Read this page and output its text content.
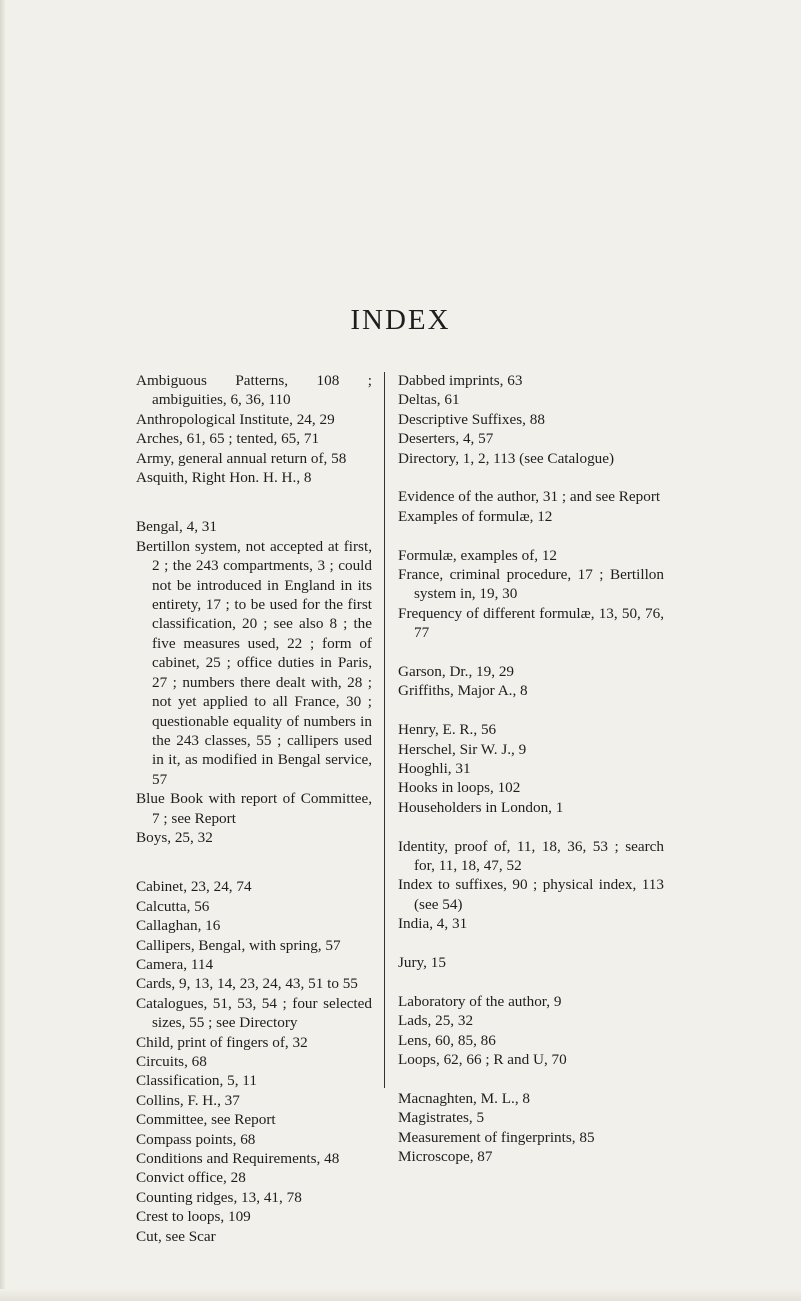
INDEX
Ambiguous Patterns, 108 ; ambiguities, 6, 36, 110
Anthropological Institute, 24, 29
Arches, 61, 65 ; tented, 65, 71
Army, general annual return of, 58
Asquith, Right Hon. H. H., 8
Bengal, 4, 31
Bertillon system, not accepted at first, 2 ; the 243 compartments, 3 ; could not be introduced in England in its entirety, 17 ; to be used for the first classification, 20 ; see also 8 ; the five measures used, 22 ; form of cabinet, 25 ; office duties in Paris, 27 ; numbers there dealt with, 28 ; not yet applied to all France, 30 ; questionable equality of numbers in the 243 classes, 55 ; callipers used in it, as modified in Bengal service, 57
Blue Book with report of Committee, 7 ; see Report
Boys, 25, 32
Cabinet, 23, 24, 74
Calcutta, 56
Callaghan, 16
Callipers, Bengal, with spring, 57
Camera, 114
Cards, 9, 13, 14, 23, 24, 43, 51 to 55
Catalogues, 51, 53, 54 ; four selected sizes, 55 ; see Directory
Child, print of fingers of, 32
Circuits, 68
Classification, 5, 11
Collins, F. H., 37
Committee, see Report
Compass points, 68
Conditions and Requirements, 48
Convict office, 28
Counting ridges, 13, 41, 78
Crest to loops, 109
Cut, see Scar
Dabbed imprints, 63
Deltas, 61
Descriptive Suffixes, 88
Deserters, 4, 57
Directory, 1, 2, 113 (see Catalogue)
Evidence of the author, 31 ; and see Report
Examples of formulæ, 12
Formulæ, examples of, 12
France, criminal procedure, 17 ; Bertillon system in, 19, 30
Frequency of different formulæ, 13, 50, 76, 77
Garson, Dr., 19, 29
Griffiths, Major A., 8
Henry, E. R., 56
Herschel, Sir W. J., 9
Hooghli, 31
Hooks in loops, 102
Householders in London, 1
Identity, proof of, 11, 18, 36, 53 ; search for, 11, 18, 47, 52
Index to suffixes, 90 ; physical index, 113 (see 54)
India, 4, 31
Jury, 15
Laboratory of the author, 9
Lads, 25, 32
Lens, 60, 85, 86
Loops, 62, 66 ; R and U, 70
Macnaghten, M. L., 8
Magistrates, 5
Measurement of fingerprints, 85
Microscope, 87
